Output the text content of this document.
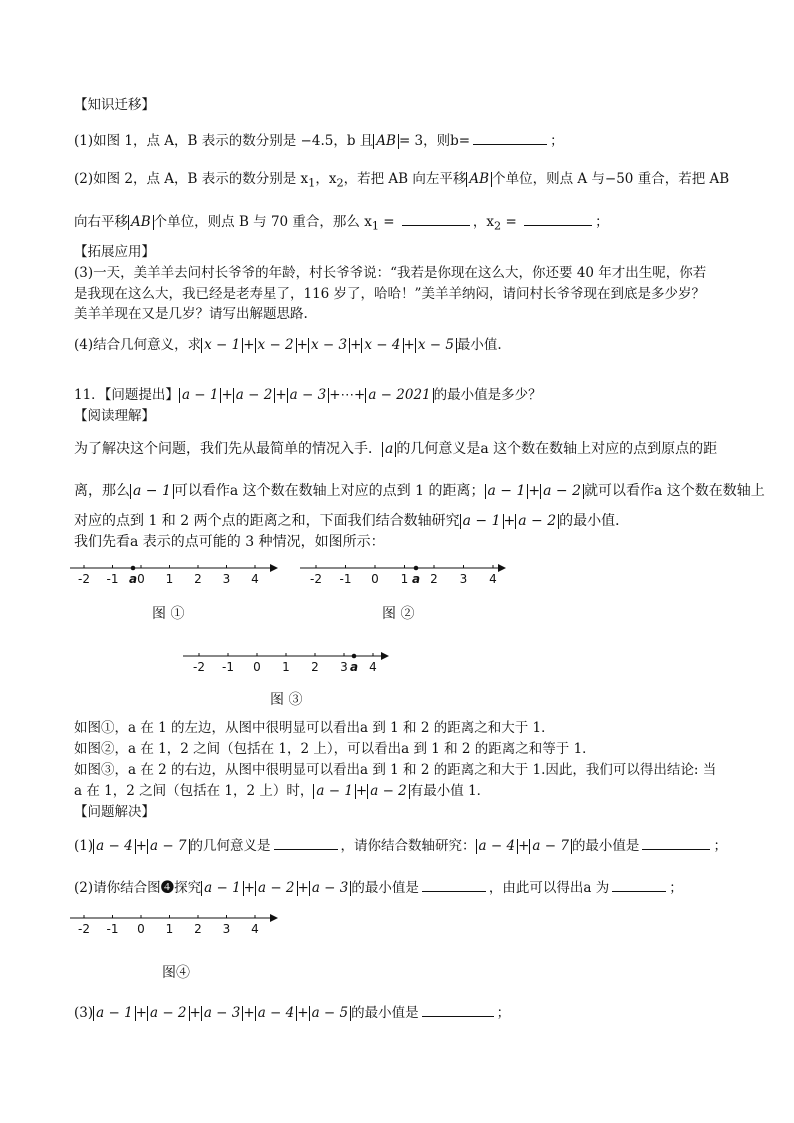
【知识迁移】
(1)如图 1，点 A，B 表示的数分别是 −4.5，b 且 AB = 3，则b=	；
(2)如图 2，点 A，B 表示的数分别是 $x_1$，$x_2$，若把 AB 向左平移 AB 个单位，则点 A 与−50 重合，若把 AB
向右平移 AB 个单位，则点 B 与 70 重合，那么 $x_1$ =	，$x_2$ =	；
【拓展应用】
(3)一天，美羊羊去问村长爷爷的年龄，村长爷爷说：“我若是你现在这么大，你还要 40 年才出生呢，你若
是我现在这么大，我已经是老寿星了，116 岁了，哈哈！”美羊羊纳闷，请问村长爷爷现在到底是多少岁？
美羊羊现在又是几岁？请写出解题思路.
(4)结合几何意义，求 x − 1 + x − 2 + x − 3 + x − 4 + x − 5 最小值.
11．【问题提出】 a − 1 + a − 2 + a − 3 +⋯+ a − 2021 的最小值是多少？
【阅读理解】
为了解决这个问题，我们先从最简单的情况入手． a 的几何意义是a 这个数在数轴上对应的点到原点的距
离，那么 a − 1 可以看作a 这个数在数轴上对应的点到 1 的距离； a − 1 + a − 2 就可以看作a 这个数在数轴上
对应的点到 1 和 2 两个点的距离之和，下面我们结合数轴研究 a − 1 + a − 2 的最小值．
我们先看a 表示的点可能的 3 种情况，如图所示：
-2 -1 0 1 2 3 4
a
图 ①
-2 -1 0 1 2 3 4
a
图 ②
-2 -1 0 1 2 3 4
a
图 ③
如图①，a 在 1 的左边，从图中很明显可以看出a 到 1 和 2 的距离之和大于 1．
如图②，a 在 1，2 之间（包括在 1，2 上），可以看出a 到 1 和 2 的距离之和等于 1．
如图③，a 在 2 的右边，从图中很明显可以看出a 到 1 和 2 的距离之和大于 1.因此，我们可以得出结论: 当
a 在 1，2 之间（包括在 1，2 上）时， a − 1 + a − 2 有最小值 1．
【问题解决】
(1) a − 4 + a − 7 的几何意义是	，请你结合数轴研究： a − 4 + a − 7 的最小值是	；
(2)请你结合图❹探究 a − 1 + a − 2 + a − 3 的最小值是	，由此可以得出a 为	；
-2 -1 0 1 2 3 4
图④
(3) a − 1 + a − 2 + a − 3 + a − 4 + a − 5 的最小值是	；
